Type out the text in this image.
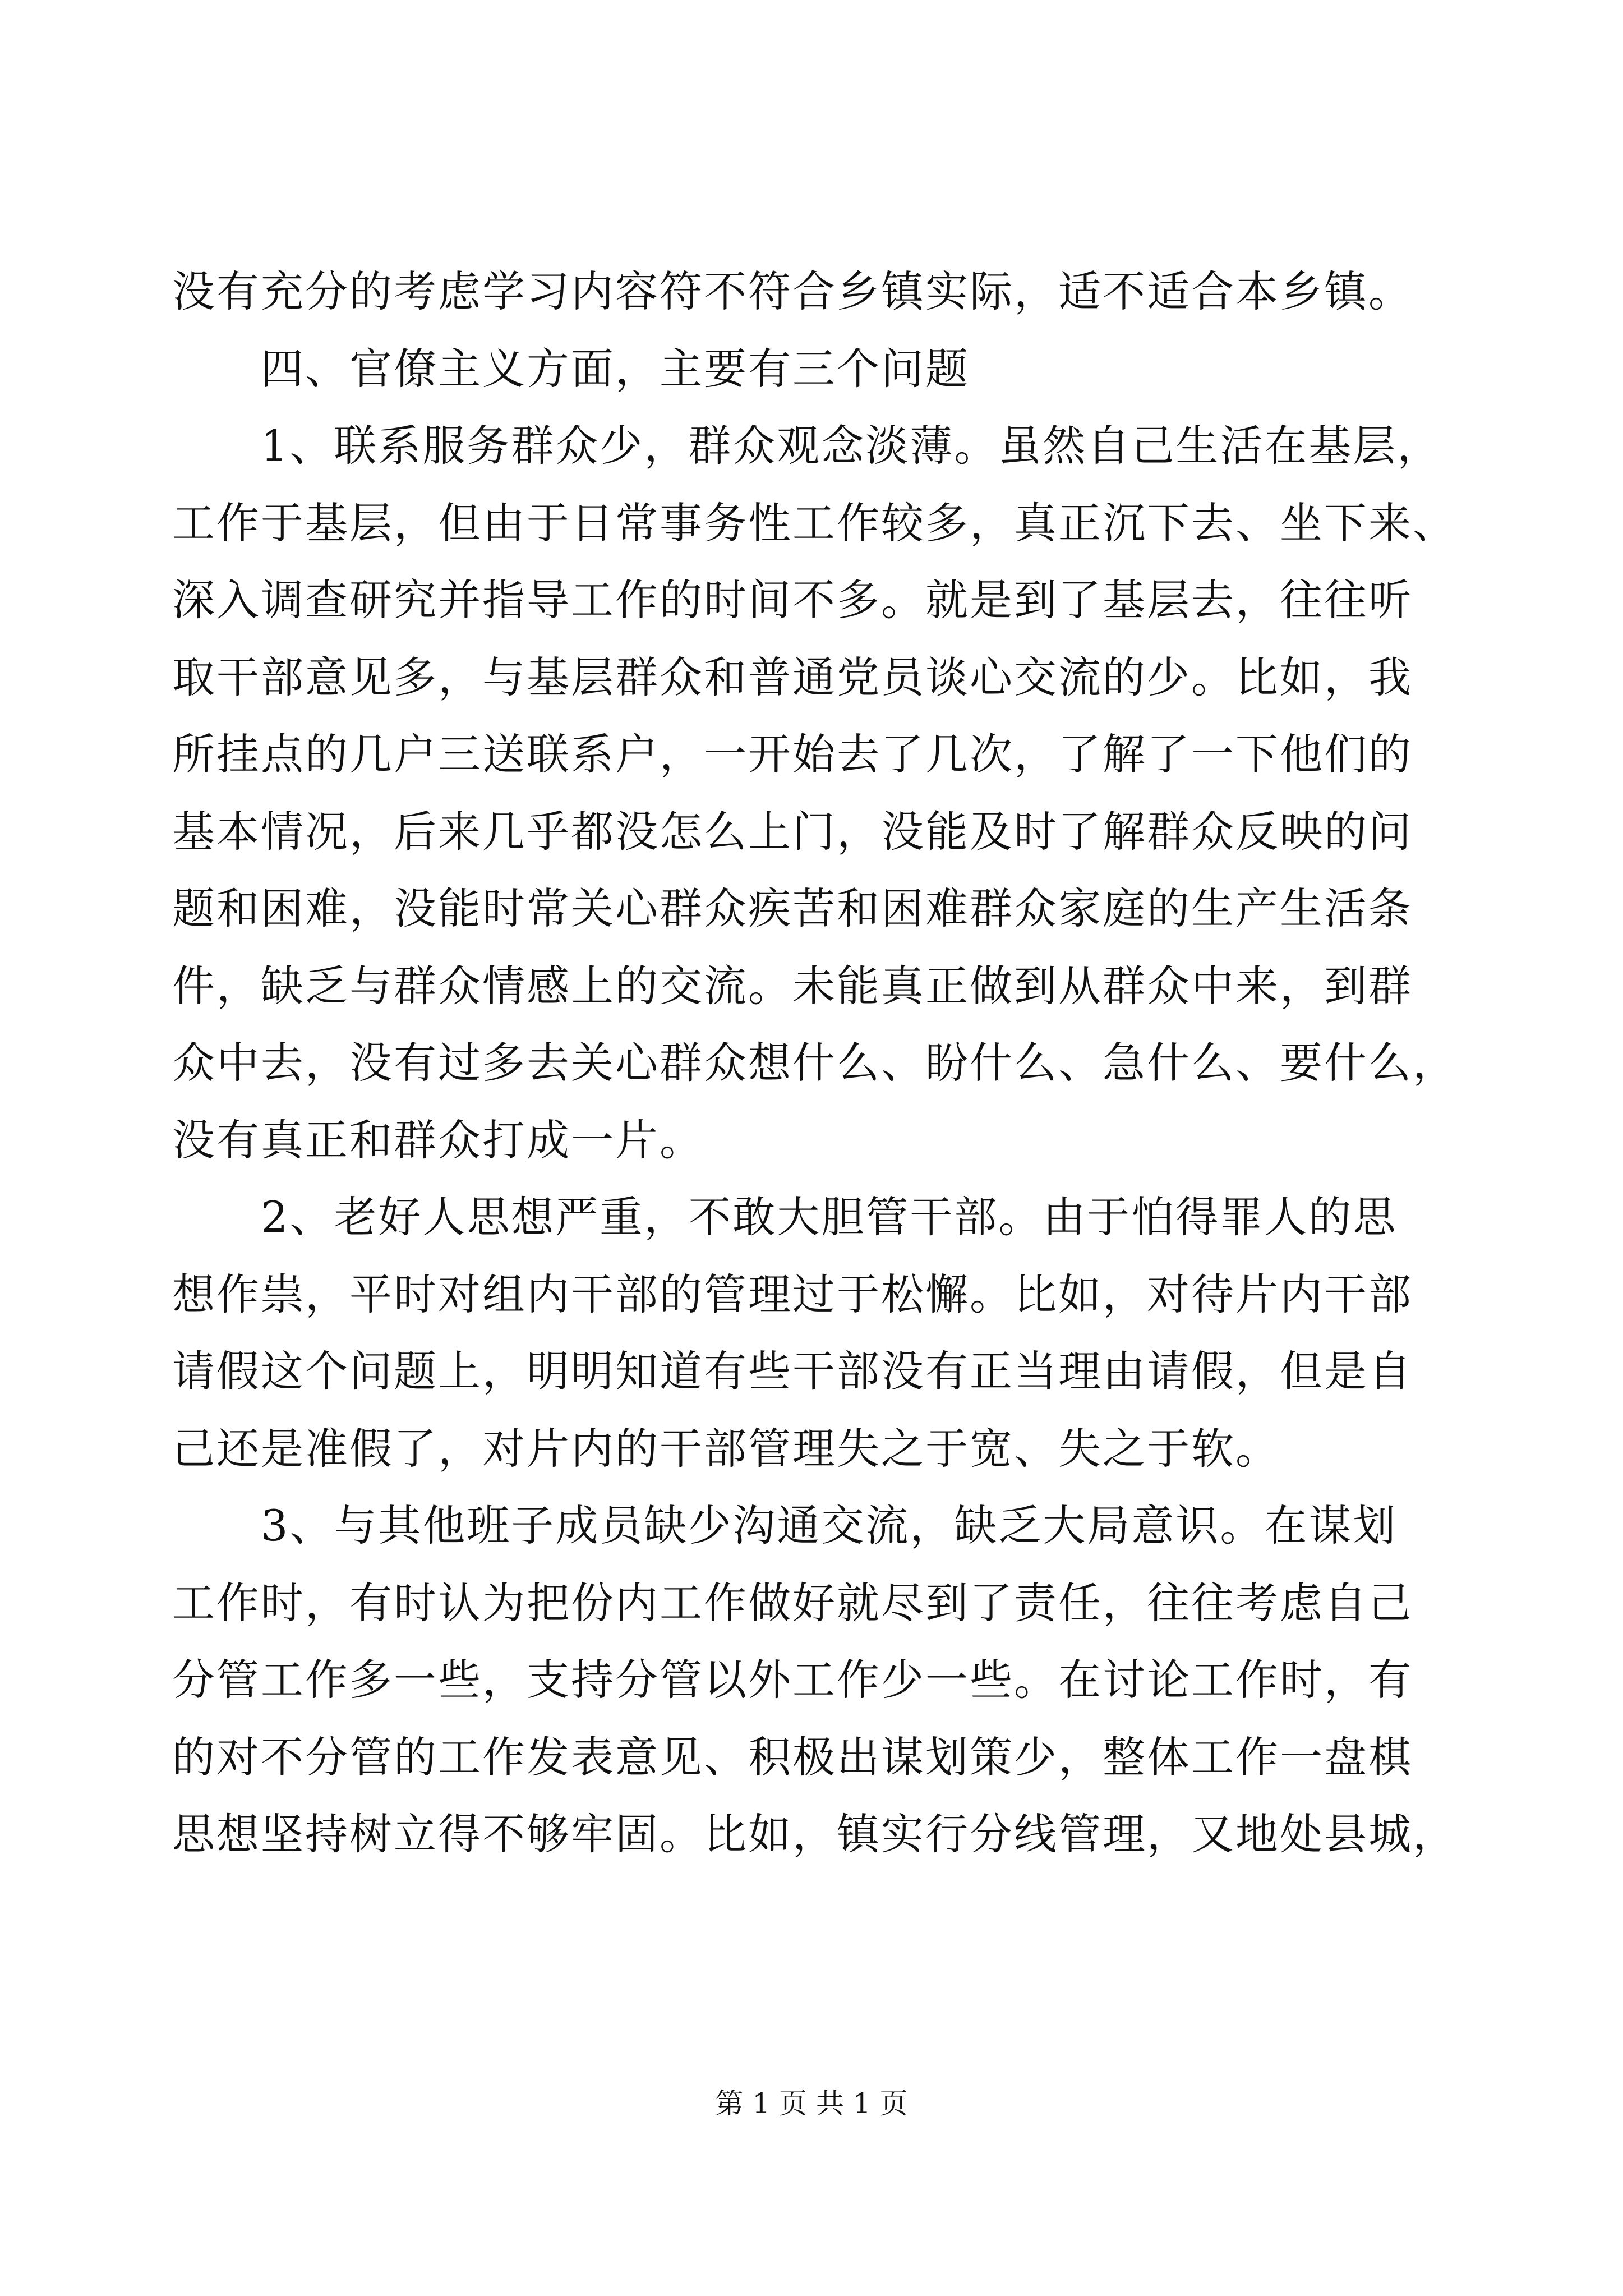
没有充分的考虑学习内容符不符合乡镇实际，适不适合本乡镇。
　　四、官僚主义方面，主要有三个问题
　　1、联系服务群众少，群众观念淡薄。虽然自己生活在基层，
工作于基层，但由于日常事务性工作较多，真正沉下去、坐下来、
深入调查研究并指导工作的时间不多。就是到了基层去，往往听
取干部意见多，与基层群众和普通党员谈心交流的少。比如，我
所挂点的几户三送联系户，一开始去了几次，了解了一下他们的
基本情况，后来几乎都没怎么上门，没能及时了解群众反映的问
题和困难，没能时常关心群众疾苦和困难群众家庭的生产生活条
件，缺乏与群众情感上的交流。未能真正做到从群众中来，到群
众中去，没有过多去关心群众想什么、盼什么、急什么、要什么，
没有真正和群众打成一片。
　　2、老好人思想严重，不敢大胆管干部。由于怕得罪人的思
想作祟，平时对组内干部的管理过于松懈。比如，对待片内干部
请假这个问题上，明明知道有些干部没有正当理由请假，但是自
己还是准假了，对片内的干部管理失之于宽、失之于软。
　　3、与其他班子成员缺少沟通交流，缺乏大局意识。在谋划
工作时，有时认为把份内工作做好就尽到了责任，往往考虑自己
分管工作多一些，支持分管以外工作少一些。在讨论工作时，有
的对不分管的工作发表意见、积极出谋划策少，整体工作一盘棋
思想坚持树立得不够牢固。比如，镇实行分线管理，又地处县城，
第 1 页 共 1 页
